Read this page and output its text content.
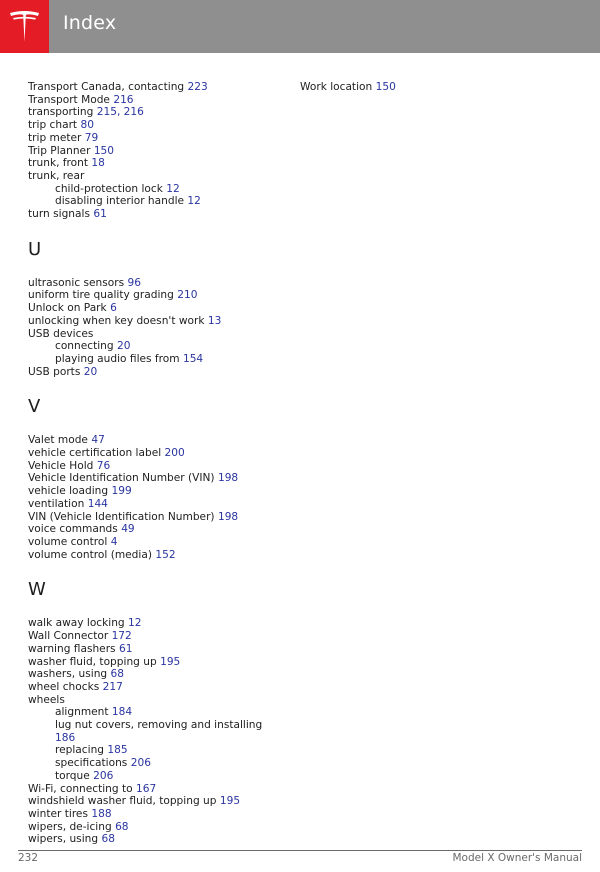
Index
Transport Canada, contacting 223
Transport Mode 216
transporting 215, 216
trip chart 80
trip meter 79
Trip Planner 150
trunk, front 18
trunk, rear
child-protection lock 12
disabling interior handle 12
turn signals 61
U
ultrasonic sensors 96
uniform tire quality grading 210
Unlock on Park 6
unlocking when key doesn't work 13
USB devices
connecting 20
playing audio files from 154
USB ports 20
V
Valet mode 47
vehicle certification label 200
Vehicle Hold 76
Vehicle Identification Number (VIN) 198
vehicle loading 199
ventilation 144
VIN (Vehicle Identification Number) 198
voice commands 49
volume control 4
volume control (media) 152
W
walk away locking 12
Wall Connector 172
warning flashers 61
washer fluid, topping up 195
washers, using 68
wheel chocks 217
wheels
alignment 184
lug nut covers, removing and installing
186
replacing 185
specifications 206
torque 206
Wi-Fi, connecting to 167
windshield washer fluid, topping up 195
winter tires 188
wipers, de-icing 68
wipers, using 68
Work location 150
232	Model X Owner's Manual
